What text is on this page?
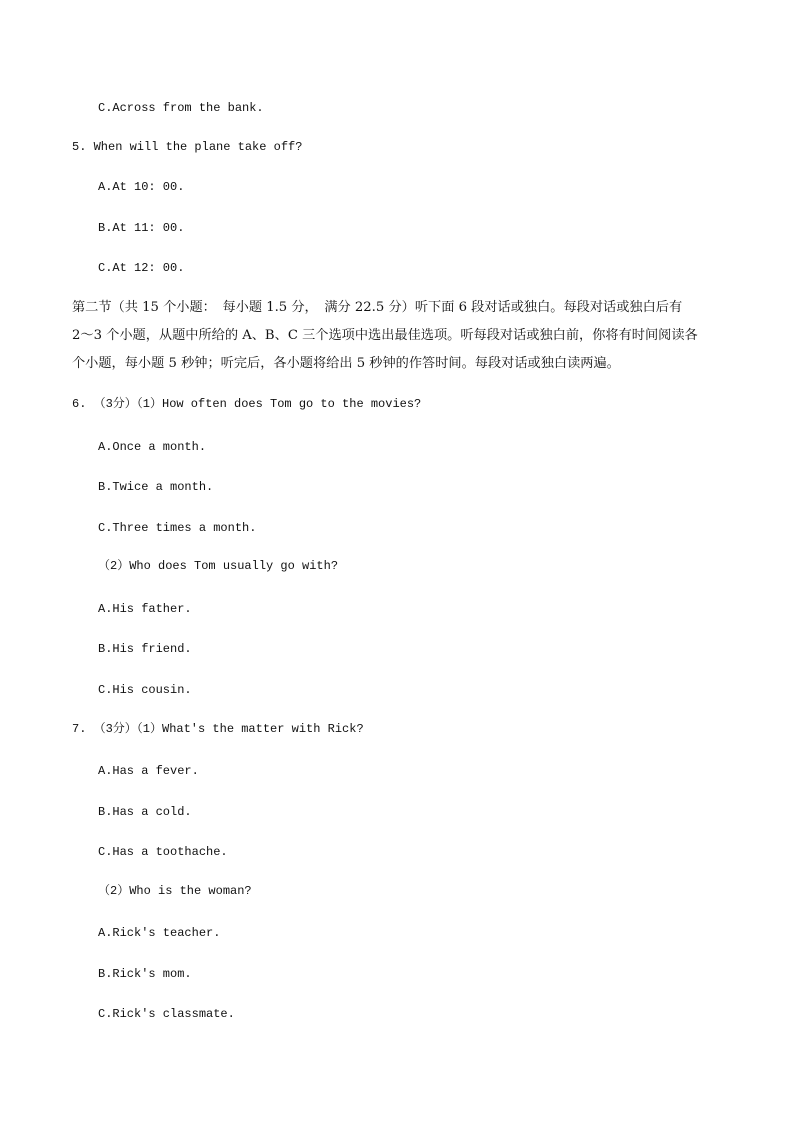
C.Across from the bank.
5. When will the plane take off?
A.At 10: 00.
B.At 11: 00.
C.At 12: 00.
第二节（共 15 个小题：　每小题 1.5 分，　满分 22.5 分）听下面 6 段对话或独白。每段对话或独白后有
2～3 个小题，从题中所给的 A、B、C 三个选项中选出最佳选项。听每段对话或独白前，你将有时间阅读各
个小题，每小题 5 秒钟；听完后，各小题将给出 5 秒钟的作答时间。每段对话或独白读两遍。
6. （3分）（1）How often does Tom go to the movies?
A.Once a month.
B.Twice a month.
C.Three times a month.
（2）Who does Tom usually go with?
A.His father.
B.His friend.
C.His cousin.
7. （3分）（1）What's the matter with Rick?
A.Has a fever.
B.Has a cold.
C.Has a toothache.
（2）Who is the woman?
A.Rick's teacher.
B.Rick's mom.
C.Rick's classmate.
